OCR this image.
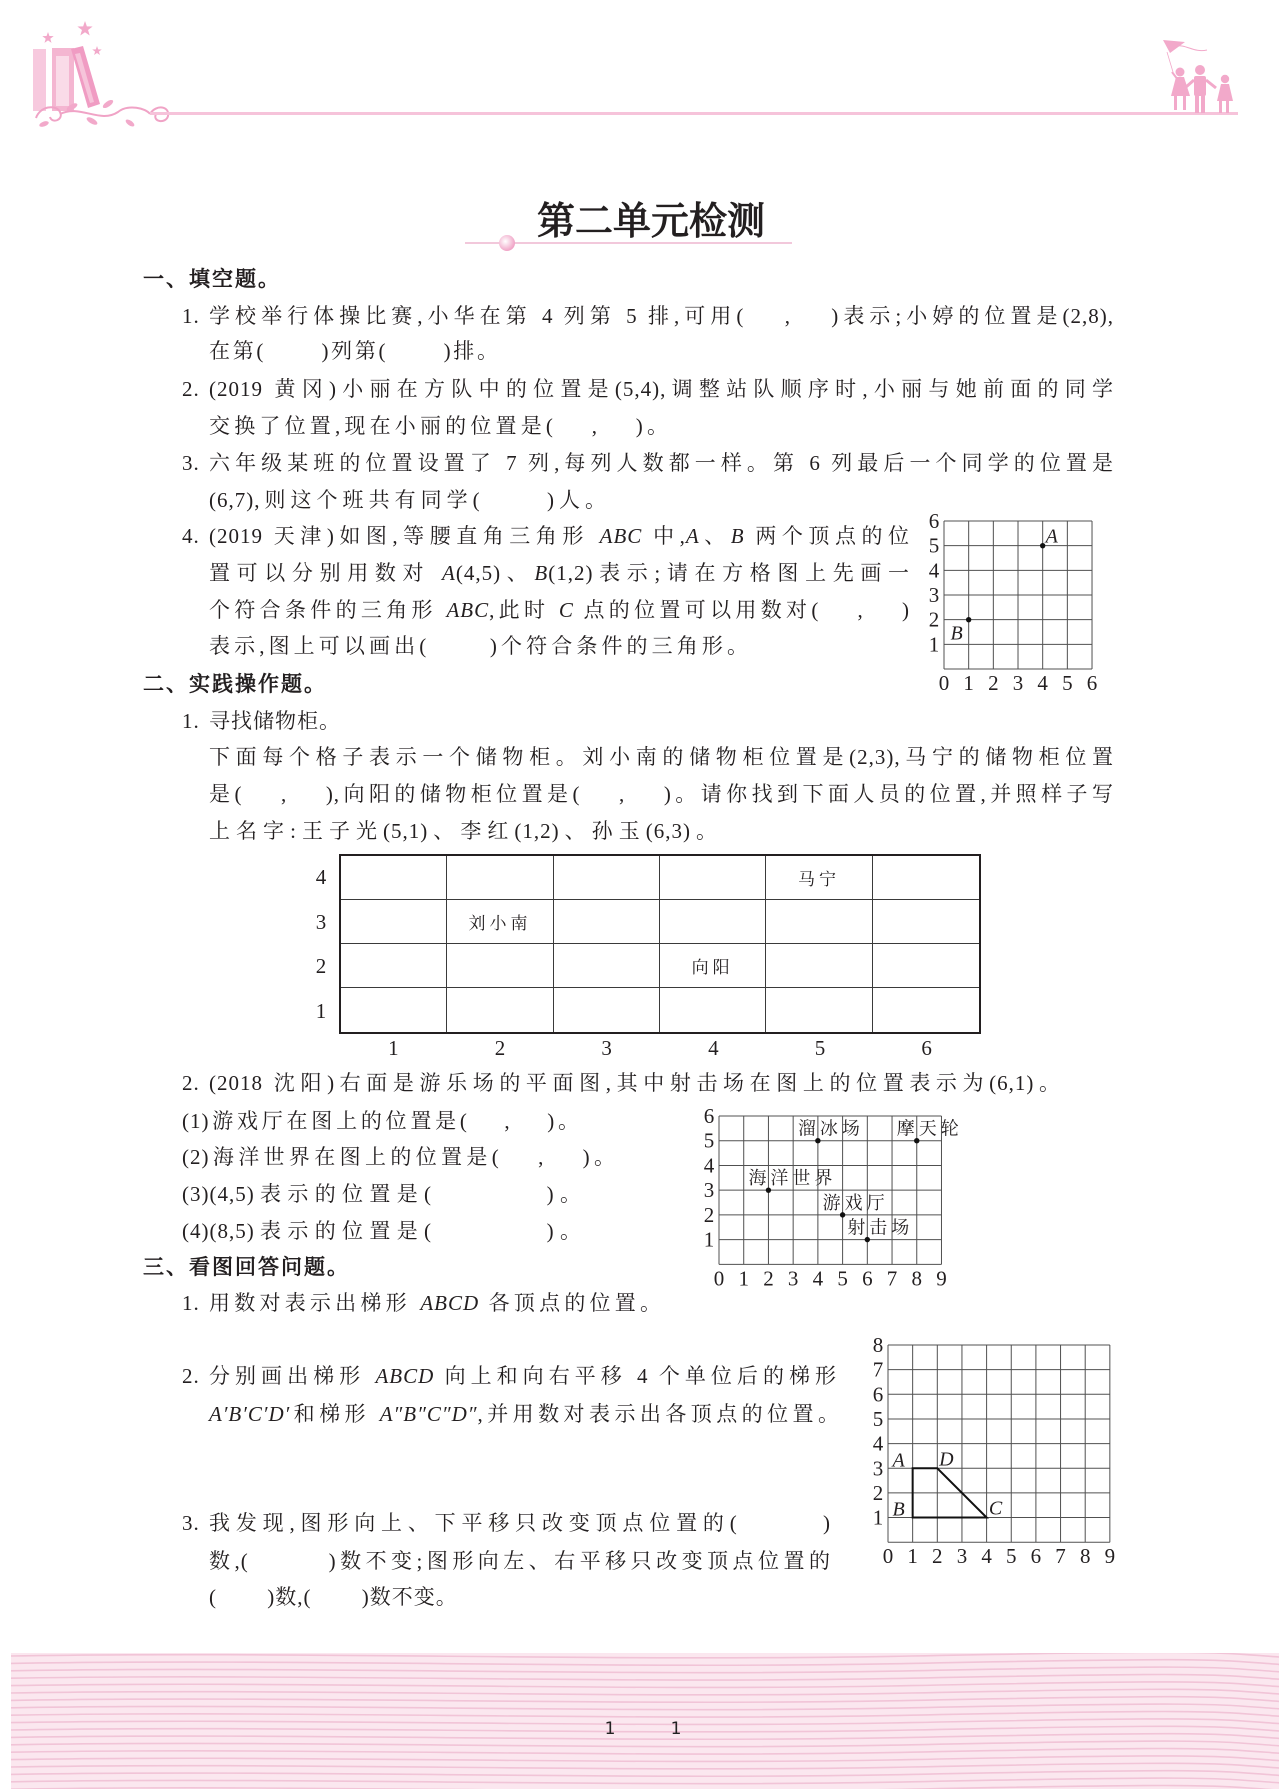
第二单元检测
一、填空题。
1. 学校举行体操比赛,小华在第 4 列第 5 排,可用(　 ,　 )表示;小婷的位置是(2,8),
在第(　　 )列第(　　 )排。
2. (2019 黄冈)小丽在方队中的位置是(5,4),调整站队顺序时,小丽与她前面的同学
交换了位置,现在小丽的位置是(　 ,　 )。
3. 六年级某班的位置设置了 7 列,每列人数都一样。第 6 列最后一个同学的位置是
(6,7),则这个班共有同学(　　 )人。
4. (2019 天津)如图,等腰直角三角形 ABC 中,A、B 两个顶点的位
置可以分别用数对 A(4,5)、B(1,2)表示;请在方格图上先画一
个符合条件的三角形 ABC,此时 C 点的位置可以用数对(　 ,　 )
表示,图上可以画出(　　 )个符合条件的三角形。
0 1 2 3 4 5 6
1
2
3
4
5
6
A
B
二、实践操作题。
1. 寻找储物柜。
下面每个格子表示一个储物柜。刘小南的储物柜位置是(2,3),马宁的储物柜位置
是(　 ,　 ),向阳的储物柜位置是(　 ,　 )。请你找到下面人员的位置,并照样子写
上名字:王子光(5,1)、李红(1,2)、孙玉(6,3)。
马宁
刘小南
向阳
4
3
2
1
1	2	3	4	5	6
2. (2018 沈阳)右面是游乐场的平面图,其中射击场在图上的位置表示为(6,1)。
(1)游戏厅在图上的位置是(　 ,　 )。
(2)海洋世界在图上的位置是(　 ,　 )。
(3)(4,5)表示的位置是(　　　　)。
(4)(8,5)表示的位置是(　　　　)。
0 1 2 3 4 5 6 7 8 9
1
2
3
4
5
6
溜冰场 摩天轮
海洋世界
游戏厅
射击场
三、看图回答问题。
1. 用数对表示出梯形 ABCD 各顶点的位置。
2. 分别画出梯形 ABCD 向上和向右平移 4 个单位后的梯形
A′B′C′D′和梯形 A″B″C″D″,并用数对表示出各顶点的位置。
3. 我发现,图形向上、下平移只改变顶点位置的(　　　)
数,(　　　)数不变;图形向左、右平移只改变顶点位置的
(　　 )数,(　　 )数不变。
0 1 2 3 4 5 6 7 8 9
1
2
3
4
5
6
7
8
A
B	C
D
1	1
